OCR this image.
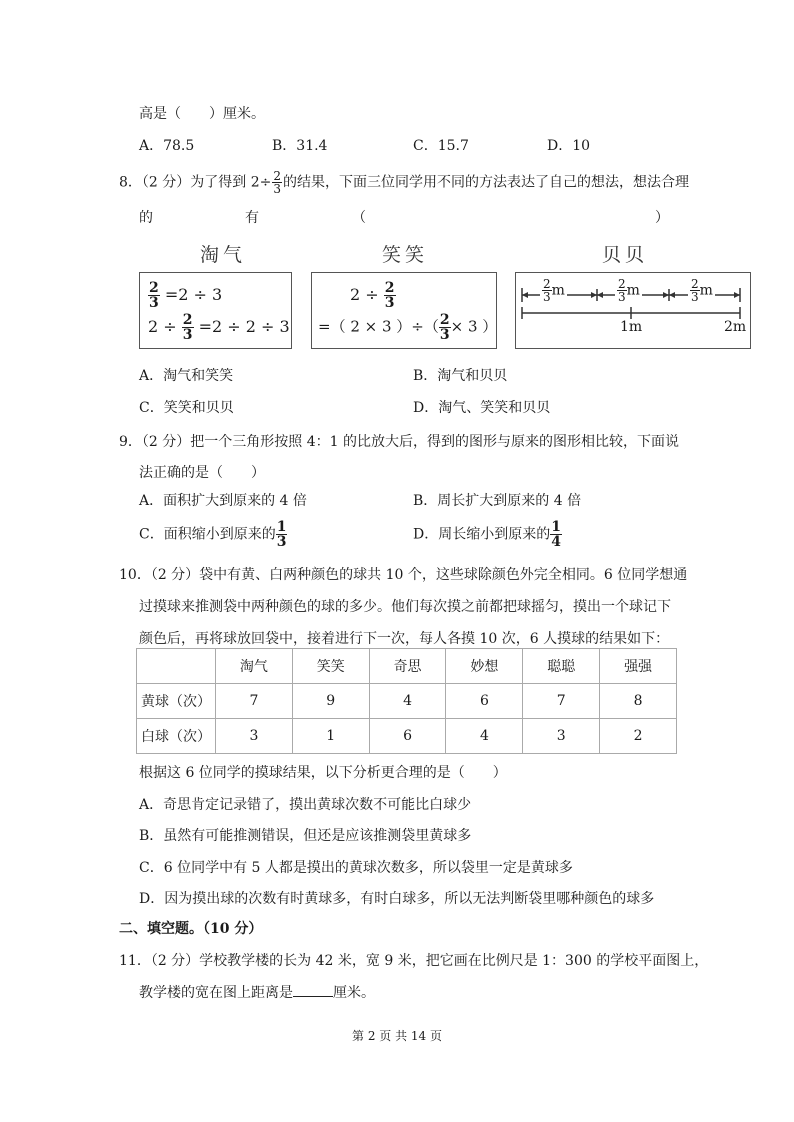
高是（　　）厘米。
A．78.5	B．31.4	C．15.7	D．10
8．（2 分）为了得到 $2\div \frac{2}{3}$ 的结果，下面三位同学用不同的方法表达了自己的想法，想法合理
的	有	（	）
淘气	笑笑	贝贝
$\frac{2}{3} =2 \div 3$
$2 \div \frac{2}{3} =2 \div 2 \div 3$
$2 \div \frac{2}{3}$
=（ 2 × 3 ）÷（ $\frac{2}{3} \times 3$ ）
$\frac{2}{3}$ m	$\frac{2}{3}$ m	$\frac{2}{3}$ m
1m	2m
A．淘气和笑笑	B．淘气和贝贝
C．笑笑和贝贝	D．淘气、笑笑和贝贝
9．（2 分）把一个三角形按照 4：1 的比放大后，得到的图形与原来的图形相比较，下面说
法正确的是（　　）
A．面积扩大到原来的 4 倍	B．周长扩大到原来的 4 倍
C．面积缩小到原来的 $\frac{1}{3}$	D．周长缩小到原来的 $\frac{1}{4}$
10．（2 分）袋中有黄、白两种颜色的球共 10 个，这些球除颜色外完全相同。6 位同学想通
过摸球来推测袋中两种颜色的球的多少。他们每次摸之前都把球摇匀，摸出一个球记下
颜色后，再将球放回袋中，接着进行下一次，每人各摸 10 次，6 人摸球的结果如下：
	淘气	笑笑	奇思	妙想	聪聪	强强
黄球（次）	7	9	4	6	7	8
白球（次）	3	1	6	4	3	2
根据这 6 位同学的摸球结果，以下分析更合理的是（　　）
A．奇思肯定记录错了，摸出黄球次数不可能比白球少
B．虽然有可能推测错误，但还是应该推测袋里黄球多
C．6 位同学中有 5 人都是摸出的黄球次数多，所以袋里一定是黄球多
D．因为摸出球的次数有时黄球多，有时白球多，所以无法判断袋里哪种颜色的球多
二、填空题。（10 分）
11．（2 分）学校教学楼的长为 42 米，宽 9 米，把它画在比例尺是 1：300 的学校平面图上，
教学楼的宽在图上距离是	厘米。
第 2 页 共 14 页
